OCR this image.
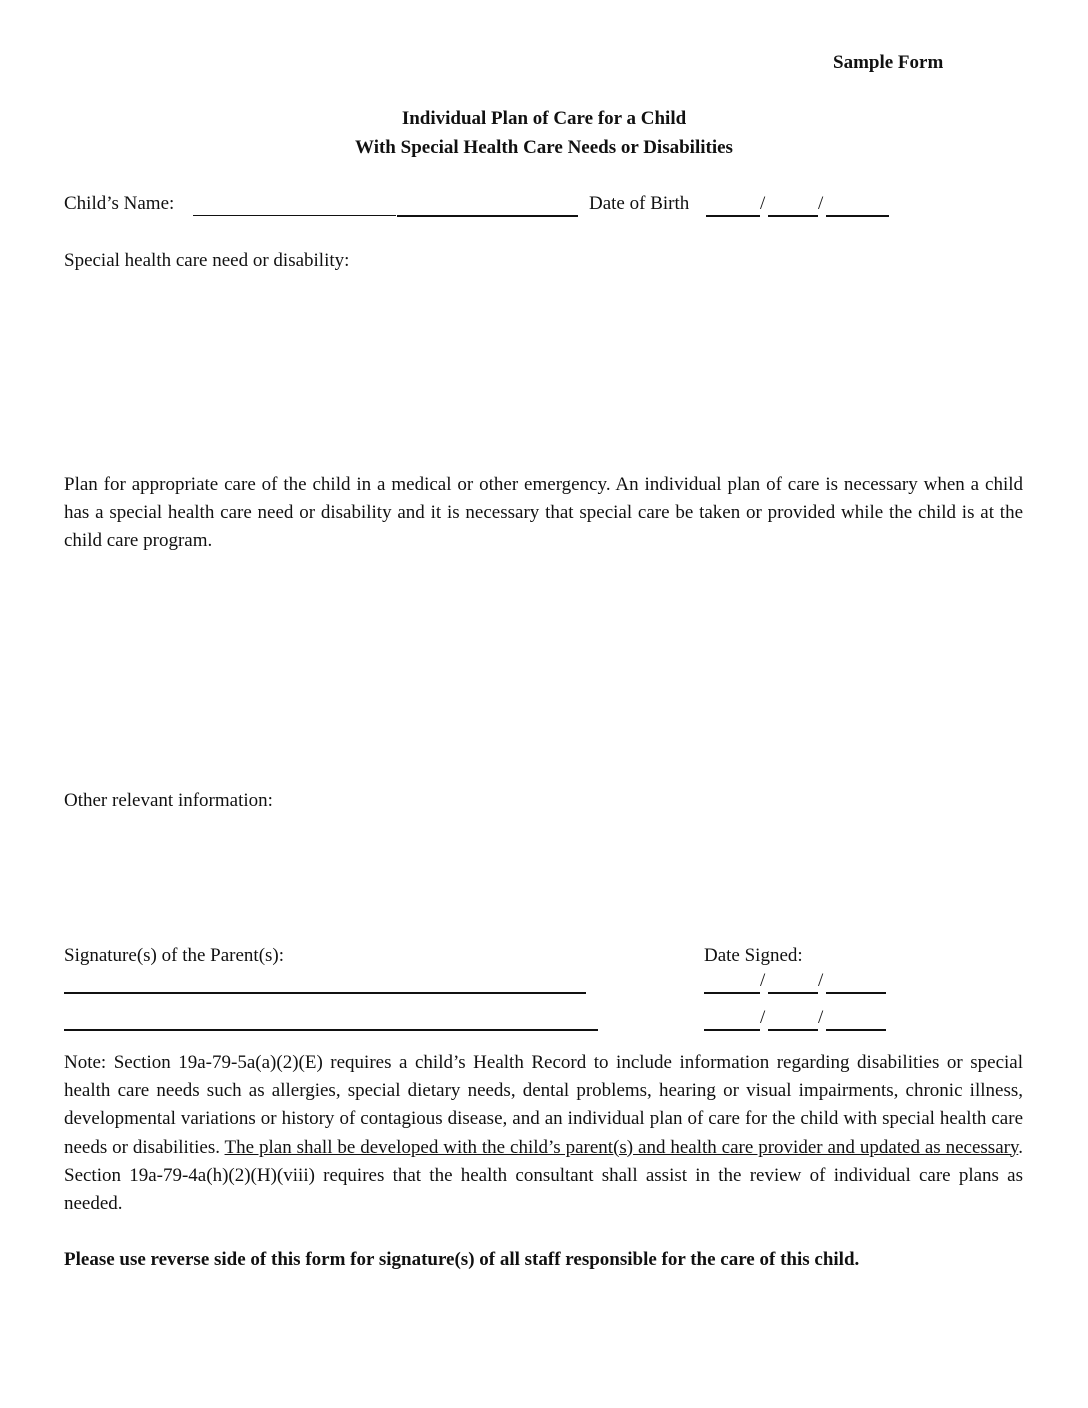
Sample Form
Individual Plan of Care for a Child
With Special Health Care Needs or Disabilities
Child’s Name:	Date of Birth	/	/
Special health care need or disability:
Plan for appropriate care of the child in a medical or other emergency. An individual plan of care is necessary when a child has a special health care need or disability and it is necessary that special care be taken or provided while the child is at the child care program.
Other relevant information:
Signature(s) of the Parent(s):	Date Signed:
/	/
/	/
Note: Section 19a-79-5a(a)(2)(E) requires a child’s Health Record to include information regarding disabilities or special health care needs such as allergies, special dietary needs, dental problems, hearing or visual impairments, chronic illness, developmental variations or history of contagious disease, and an individual plan of care for the child with special health care needs or disabilities. The plan shall be developed with the child’s parent(s) and health care provider and updated as necessary. Section 19a-79-4a(h)(2)(H)(viii) requires that the health consultant shall assist in the review of individual care plans as needed.
Please use reverse side of this form for signature(s) of all staff responsible for the care of this child.
